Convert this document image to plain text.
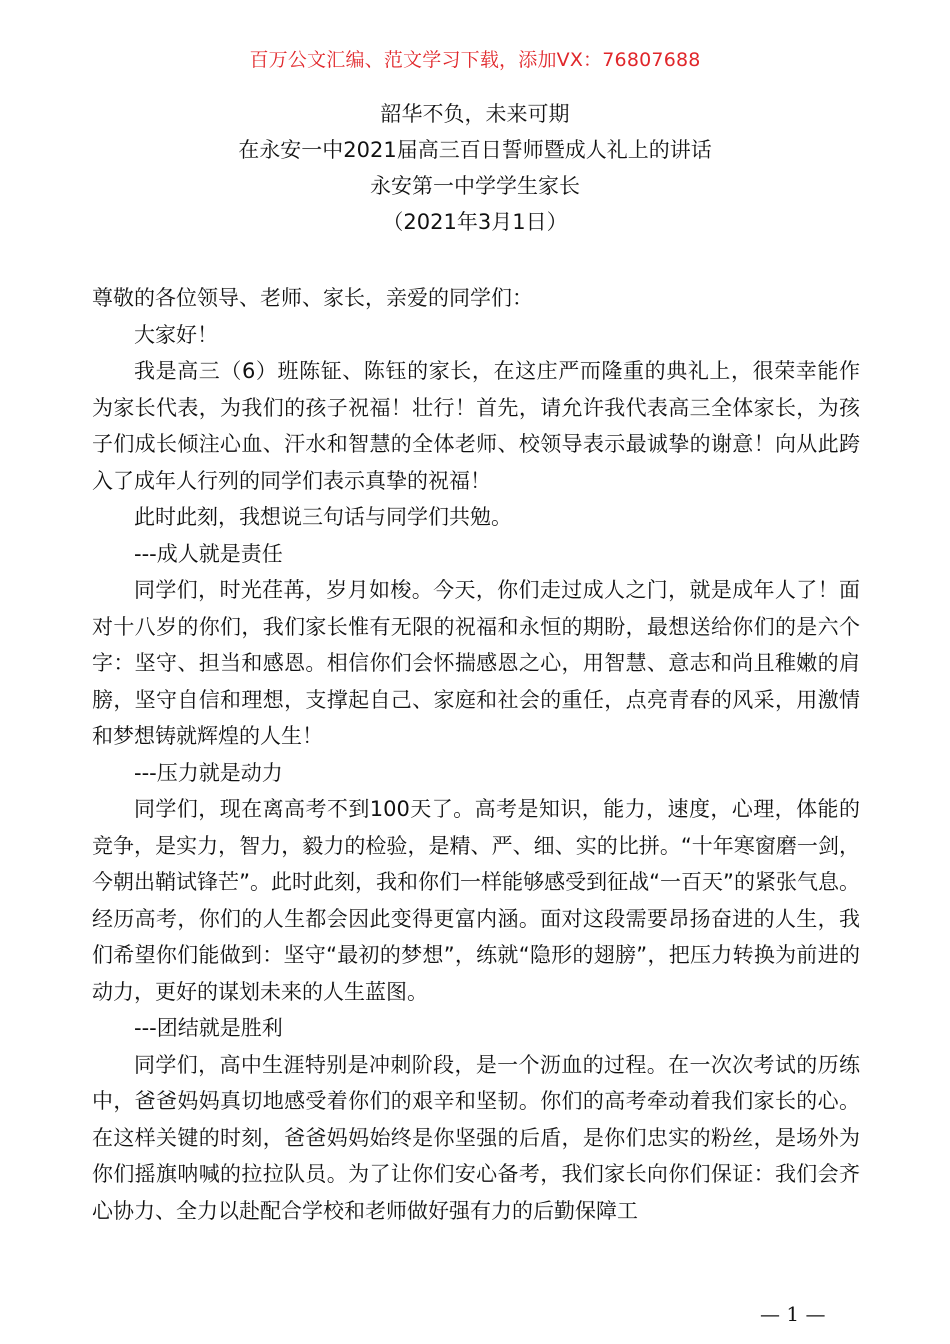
百万公文汇编、范文学习下载，添加VX：76807688
韶华不负，未来可期
在永安一中2021届高三百日誓师暨成人礼上的讲话
永安第一中学学生家长
（2021年3月1日）

尊敬的各位领导、老师、家长，亲爱的同学们：

大家好！

我是高三（6）班陈钲、陈钰的家长，在这庄严而隆重的典礼上，很荣幸能作为家长代表，为我们的孩子祝福！壮行！首先，请允许我代表高三全体家长，为孩子们成长倾注心血、汗水和智慧的全体老师、校领导表示最诚挚的谢意！向从此跨入了成年人行列的同学们表示真挚的祝福！

此时此刻，我想说三句话与同学们共勉。

---成人就是责任

同学们，时光荏苒，岁月如梭。今天，你们走过成人之门，就是成年人了！面对十八岁的你们，我们家长惟有无限的祝福和永恒的期盼，最想送给你们的是六个字：坚守、担当和感恩。相信你们会怀揣感恩之心，用智慧、意志和尚且稚嫩的肩膀，坚守自信和理想，支撑起自己、家庭和社会的重任，点亮青春的风采，用激情和梦想铸就辉煌的人生！

---压力就是动力

同学们，现在离高考不到100天了。高考是知识，能力，速度，心理，体能的竞争，是实力，智力，毅力的检验，是精、严、细、实的比拼。“十年寒窗磨一剑，今朝出鞘试锋芒”。此时此刻，我和你们一样能够感受到征战“一百天”的紧张气息。经历高考，你们的人生都会因此变得更富内涵。面对这段需要昂扬奋进的人生，我们希望你们能做到：坚守“最初的梦想”，练就“隐形的翅膀”，把压力转换为前进的动力，更好的谋划未来的人生蓝图。

---团结就是胜利

同学们，高中生涯特别是冲刺阶段，是一个沥血的过程。在一次次考试的历练中，爸爸妈妈真切地感受着你们的艰辛和坚韧。你们的高考牵动着我们家长的心。在这样关键的时刻，爸爸妈妈始终是你坚强的后盾，是你们忠实的粉丝，是场外为你们摇旗呐喊的拉拉队员。为了让你们安心备考，我们家长向你们保证：我们会齐心协力、全力以赴配合学校和老师做好强有力的后勤保障工

— 1 —
